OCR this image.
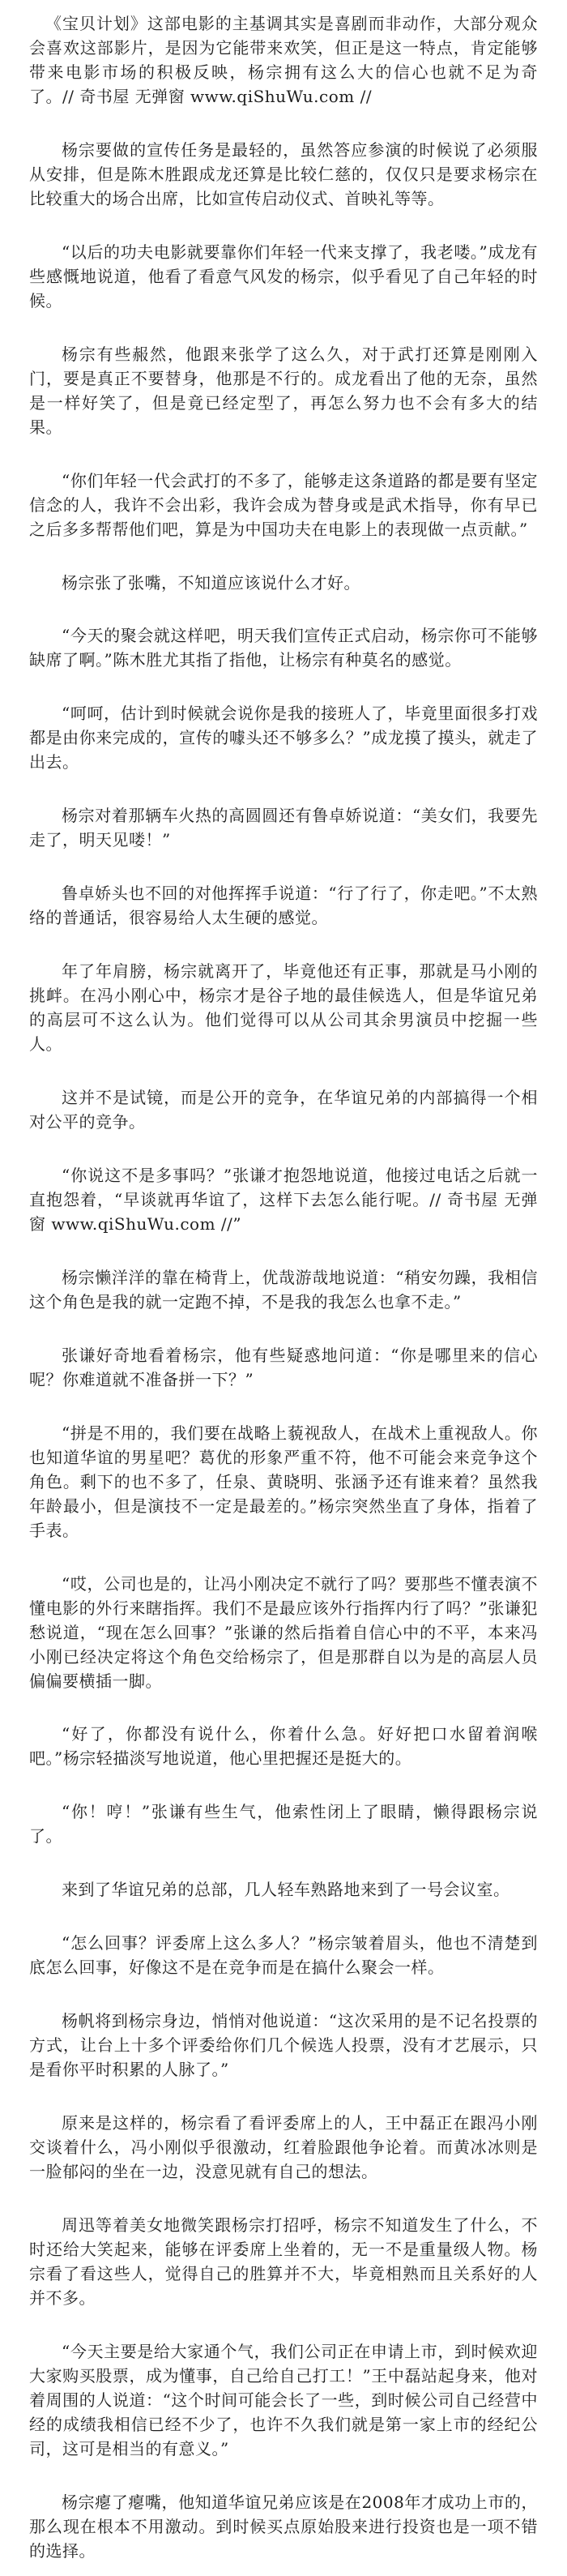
《宝贝计划》这部电影的主基调其实是喜剧而非动作，大部分观众会喜欢这部影片，是因为它能带来欢笑，但正是这一特点，肯定能够带来电影市场的积极反映，杨宗拥有这么大的信心也就不足为奇了。// 奇书屋 无弹窗 www.qiShuWu.com //

杨宗要做的宣传任务是最轻的，虽然答应参演的时候说了必须服从安排，但是陈木胜跟成龙还算是比较仁慈的，仅仅只是要求杨宗在比较重大的场合出席，比如宣传启动仪式、首映礼等等。

“以后的功夫电影就要靠你们年轻一代来支撑了，我老喽。”成龙有些感慨地说道，他看了看意气风发的杨宗，似乎看见了自己年轻的时候。

杨宗有些赧然，他跟来张学了这么久，对于武打还算是刚刚入门，要是真正不要替身，他那是不行的。成龙看出了他的无奈，虽然是一样好笑了，但是竟已经定型了，再怎么努力也不会有多大的结果。

“你们年轻一代会武打的不多了，能够走这条道路的都是要有坚定信念的人，我许不会出彩，我许会成为替身或是武术指导，你有早已之后多多帮帮他们吧，算是为中国功夫在电影上的表现做一点贡献。”

杨宗张了张嘴，不知道应该说什么才好。

“今天的聚会就这样吧，明天我们宣传正式启动，杨宗你可不能够缺席了啊。”陈木胜尤其指了指他，让杨宗有种莫名的感觉。

“呵呵，估计到时候就会说你是我的接班人了，毕竟里面很多打戏都是由你来完成的，宣传的噱头还不够多么？”成龙摸了摸头，就走了出去。

杨宗对着那辆车火热的高圆圆还有鲁卓娇说道：“美女们，我要先走了，明天见喽！”

鲁卓娇头也不回的对他挥挥手说道：“行了行了，你走吧。”不太熟络的普通话，很容易给人太生硬的感觉。

年了年肩膀，杨宗就离开了，毕竟他还有正事，那就是马小刚的挑衅。在冯小刚心中，杨宗才是谷子地的最佳候选人，但是华谊兄弟的高层可不这么认为。他们觉得可以从公司其余男演员中挖掘一些人。

这并不是试镜，而是公开的竞争，在华谊兄弟的内部搞得一个相对公平的竞争。

“你说这不是多事吗？”张谦才抱怨地说道，他接过电话之后就一直抱怨着，“早谈就再华谊了，这样下去怎么能行呢。// 奇书屋 无弹窗 www.qiShuWu.com //”

杨宗懒洋洋的靠在椅背上，优哉游哉地说道：“稍安勿躁，我相信这个角色是我的就一定跑不掉，不是我的我怎么也拿不走。”

张谦好奇地看着杨宗，他有些疑惑地问道：“你是哪里来的信心呢？你难道就不准备拼一下？”

“拼是不用的，我们要在战略上藐视敌人，在战术上重视敌人。你也知道华谊的男星吧？葛优的形象严重不符，他不可能会来竞争这个角色。剩下的也不多了，任泉、黄晓明、张涵予还有谁来着？虽然我年龄最小，但是演技不一定是最差的。”杨宗突然坐直了身体，指着了手表。

“哎，公司也是的，让冯小刚决定不就行了吗？要那些不懂表演不懂电影的外行来瞎指挥。我们不是最应该外行指挥内行了吗？”张谦犯愁说道，“现在怎么回事？”张谦的然后指着自信心中的不平，本来冯小刚已经决定将这个角色交给杨宗了，但是那群自以为是的高层人员偏偏要横插一脚。

“好了，你都没有说什么，你着什么急。好好把口水留着润喉吧。”杨宗轻描淡写地说道，他心里把握还是挺大的。

“你！哼！”张谦有些生气，他索性闭上了眼睛，懒得跟杨宗说了。

来到了华谊兄弟的总部，几人轻车熟路地来到了一号会议室。

“怎么回事？评委席上这么多人？”杨宗皱着眉头，他也不清楚到底怎么回事，好像这不是在竞争而是在搞什么聚会一样。

杨帆将到杨宗身边，悄悄对他说道：“这次采用的是不记名投票的方式，让台上十多个评委给你们几个候选人投票，没有才艺展示，只是看你平时积累的人脉了。”

原来是这样的，杨宗看了看评委席上的人，王中磊正在跟冯小刚交谈着什么，冯小刚似乎很激动，红着脸跟他争论着。而黄冰冰则是一脸郁闷的坐在一边，没意见就有自己的想法。

周迅等着美女地微笑跟杨宗打招呼，杨宗不知道发生了什么，不时还给大笑起来，能够在评委席上坐着的，无一不是重量级人物。杨宗看了看这些人，觉得自己的胜算并不大，毕竟相熟而且关系好的人并不多。

“今天主要是给大家通个气，我们公司正在申请上市，到时候欢迎大家购买股票，成为懂事，自己给自己打工！”王中磊站起身来，他对着周围的人说道：“这个时间可能会长了一些，到时候公司自己经营中经的成绩我相信已经不少了，也许不久我们就是第一家上市的经纪公司，这可是相当的有意义。”

杨宗瘪了瘪嘴，他知道华谊兄弟应该是在2008年才成功上市的，那么现在根本不用激动。到时候买点原始股来进行投资也是一项不错的选择。
